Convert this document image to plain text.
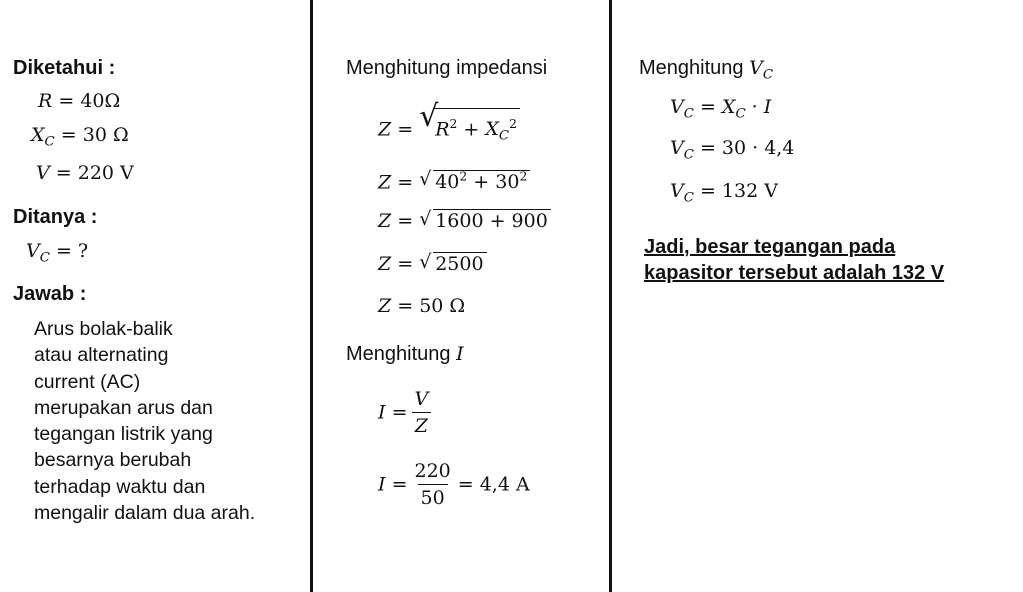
Diketahui :
R = 40Ω
$X_C = 30$ Ω
V = 220 V
Ditanya :
$V_C$ = ?
Jawab :
Arus bolak-balik
atau alternating
current (AC)
merupakan arus dan
tegangan listrik yang
besarnya berubah
terhadap waktu dan
mengalir dalam dua arah.
Menghitung impedansi
Z = √
$R^2 + X_C^2$
Z = √ $40^2 + 30^2$
Z = √ 1600 + 900
Z = √ 2500
Z = 50 Ω
Menghitung I
$I = \frac{V}{Z}$
$I = \frac{220}{50} = 4,4$ A
Menghitung $V_C$
$V_C = X_C \cdot I$
$V_C = 30 \cdot 4,4$
$V_C = 132$ V
Jadi, besar tegangan pada
kapasitor tersebut adalah 132 V
